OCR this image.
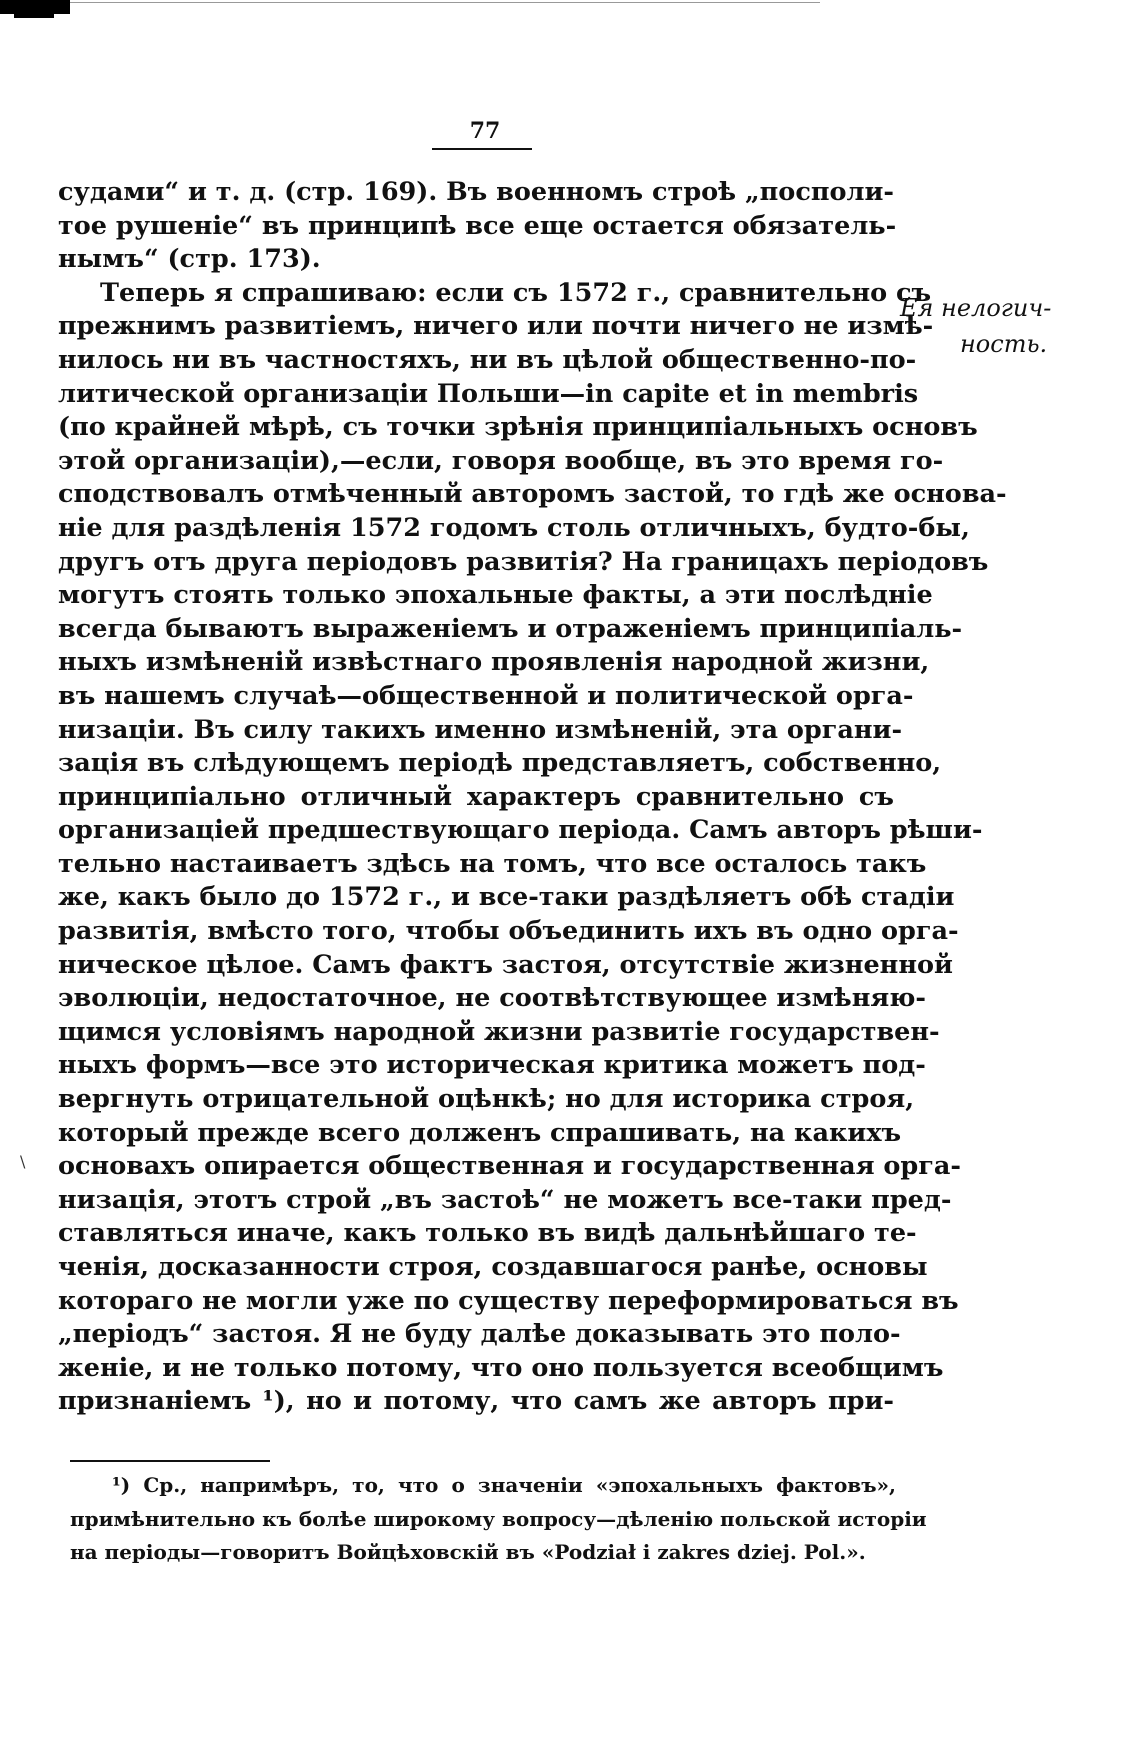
77
судами“ и т. д. (стр. 169). Въ военномъ строѣ „посполи-
тое рушеніе“ въ принципѣ все еще остается обязатель-
нымъ“ (стр. 173).
Теперь я спрашиваю: если съ 1572 г., сравнительно съ
прежнимъ развитіемъ, ничего или почти ничего не измѣ-
нилось ни въ частностяхъ, ни въ цѣлой общественно-по-
литической организаціи Польши—in capite et in membris
(по крайней мѣрѣ, съ точки зрѣнія принципіальныхъ основъ
этой организаціи),—если, говоря вообще, въ это время го-
сподствовалъ отмѣченный авторомъ застой, то гдѣ же основа-
ніе для раздѣленія 1572 годомъ столь отличныхъ, будто-бы,
другъ отъ друга періодовъ развитія? На границахъ періодовъ
могутъ стоять только эпохальные факты, а эти послѣдніе
всегда бываютъ выраженіемъ и отраженіемъ принципіаль-
ныхъ измѣненій извѣстнаго проявленія народной жизни,
въ нашемъ случаѣ—общественной и политической орга-
низаціи. Въ силу такихъ именно измѣненій, эта органи-
зація въ слѣдующемъ періодѣ представляетъ, собственно,
принципіально отличный характеръ сравнительно съ
организаціей предшествующаго періода. Самъ авторъ рѣши-
тельно настаиваетъ здѣсь на томъ, что все осталось такъ
же, какъ было до 1572 г., и все-таки раздѣляетъ обѣ стадіи
развитія, вмѣсто того, чтобы объединить ихъ въ одно орга-
ническое цѣлое. Самъ фактъ застоя, отсутствіе жизненной
эволюціи, недостаточное, не соотвѣтствующее измѣняю-
щимся условіямъ народной жизни развитіе государствен-
ныхъ формъ—все это историческая критика можетъ под-
вергнуть отрицательной оцѣнкѣ; но для историка строя,
который прежде всего долженъ спрашивать, на какихъ
основахъ опирается общественная и государственная орга-
низація, этотъ строй „въ застоѣ“ не можетъ все-таки пред-
ставляться иначе, какъ только въ видѣ дальнѣйшаго те-
ченія, досказанности строя, создавшагося ранѣе, основы
котораго не могли уже по существу переформироваться въ
„періодъ“ застоя. Я не буду далѣе доказывать это поло-
женіе, и не только потому, что оно пользуется всеобщимъ
признаніемъ ¹), но и потому, что самъ же авторъ при-
Ея нелогич-
ность.
\
¹) Ср., напримѣръ, то, что о значеніи «эпохальныхъ фактовъ»,
примѣнительно къ болѣе широкому вопросу—дѣленію польской исторіи
на періоды—говоритъ Войцѣховскій въ «Podział i zakres dziej. Pol.».
